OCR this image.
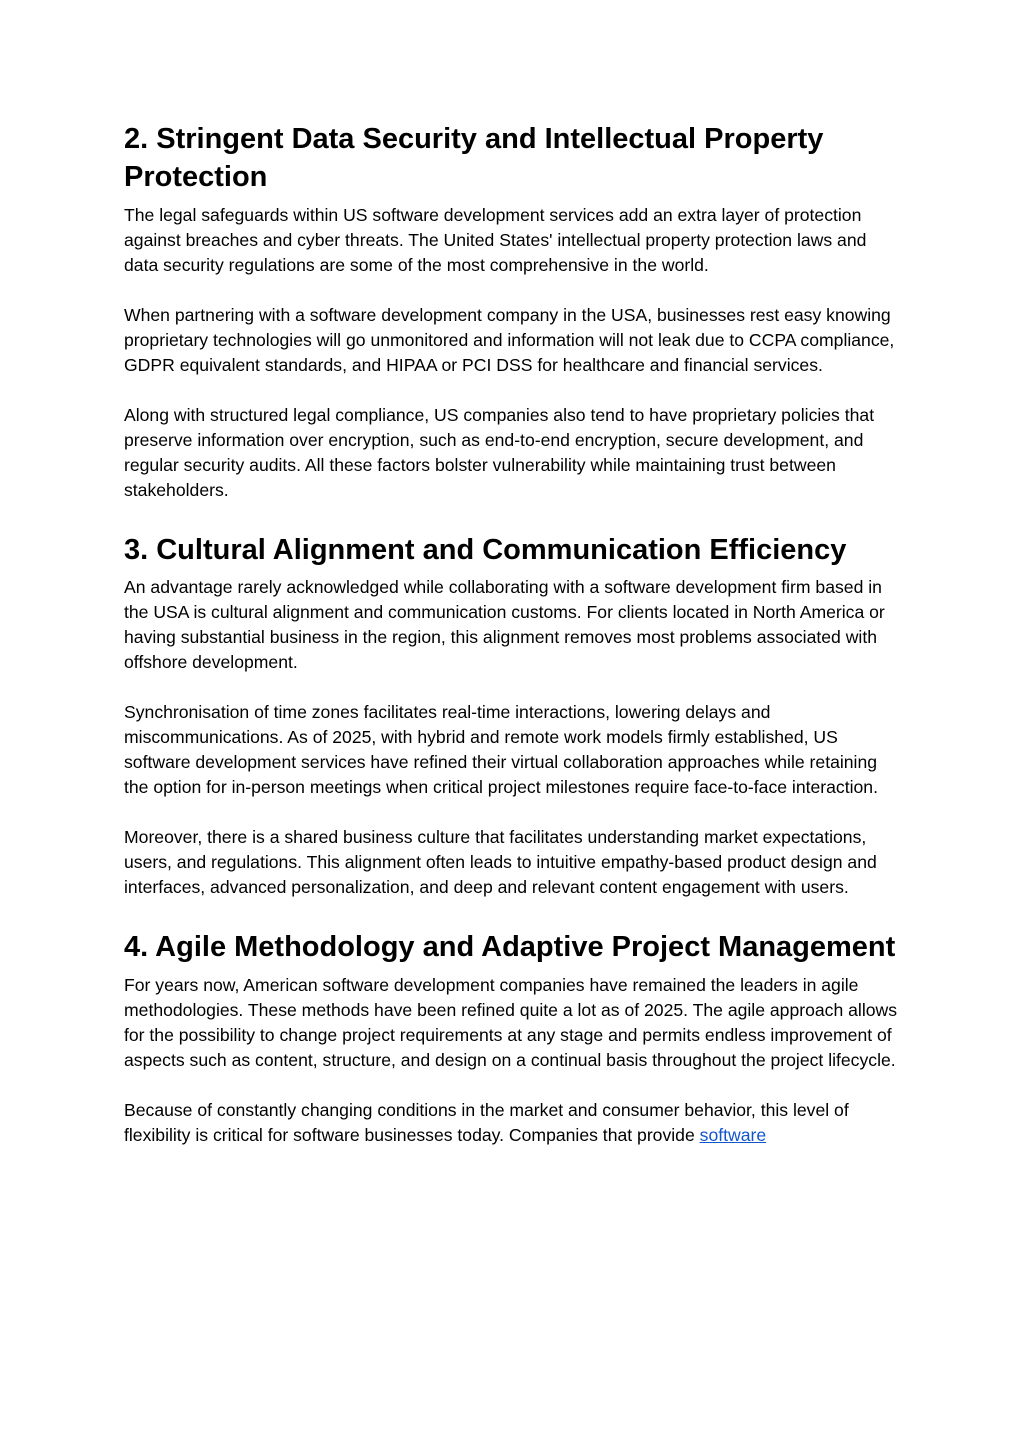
2. Stringent Data Security and Intellectual Property Protection

The legal safeguards within US software development services add an extra layer of protection against breaches and cyber threats. The United States' intellectual property protection laws and data security regulations are some of the most comprehensive in the world.

When partnering with a software development company in the USA, businesses rest easy knowing proprietary technologies will go unmonitored and information will not leak due to CCPA compliance, GDPR equivalent standards, and HIPAA or PCI DSS for healthcare and financial services.

Along with structured legal compliance, US companies also tend to have proprietary policies that preserve information over encryption, such as end-to-end encryption, secure development, and regular security audits. All these factors bolster vulnerability while maintaining trust between stakeholders.

3. Cultural Alignment and Communication Efficiency

An advantage rarely acknowledged while collaborating with a software development firm based in the USA is cultural alignment and communication customs. For clients located in North America or having substantial business in the region, this alignment removes most problems associated with offshore development.

Synchronisation of time zones facilitates real-time interactions, lowering delays and miscommunications. As of 2025, with hybrid and remote work models firmly established, US software development services have refined their virtual collaboration approaches while retaining the option for in-person meetings when critical project milestones require face-to-face interaction.

Moreover, there is a shared business culture that facilitates understanding market expectations, users, and regulations. This alignment often leads to intuitive empathy-based product design and interfaces, advanced personalization, and deep and relevant content engagement with users.

4. Agile Methodology and Adaptive Project Management

For years now, American software development companies have remained the leaders in agile methodologies. These methods have been refined quite a lot as of 2025. The agile approach allows for the possibility to change project requirements at any stage and permits endless improvement of aspects such as content, structure, and design on a continual basis throughout the project lifecycle.

Because of constantly changing conditions in the market and consumer behavior, this level of flexibility is critical for software businesses today. Companies that provide software
